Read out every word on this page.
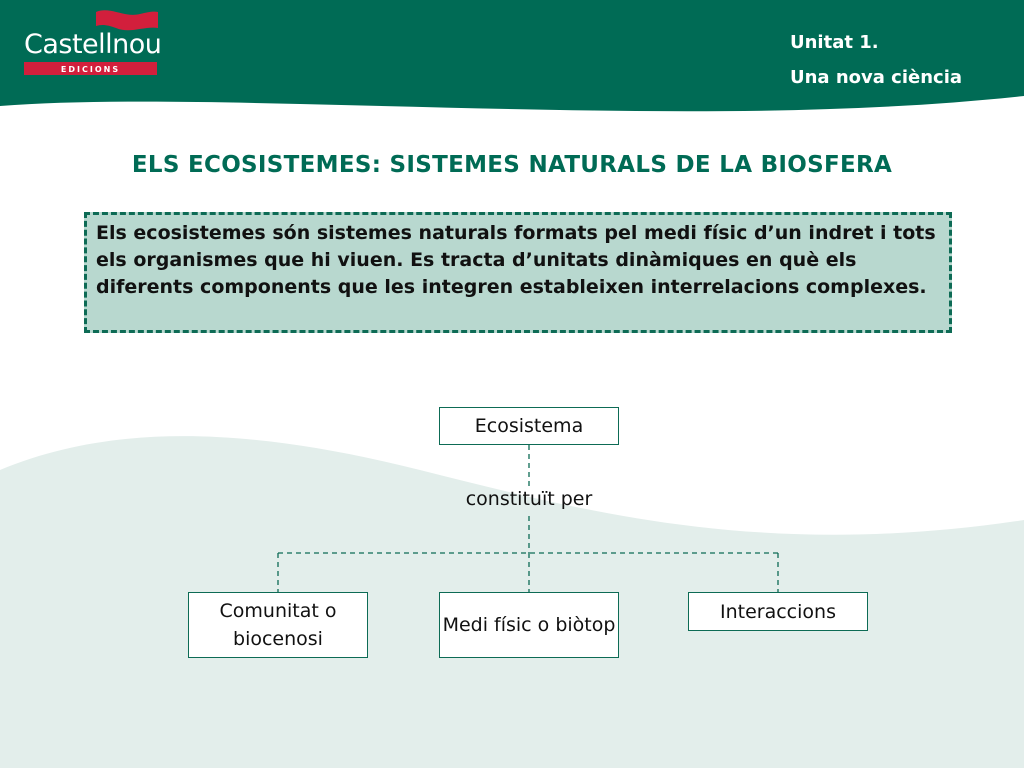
Castellnou
EDICIONS
Unitat 1.
Una nova ciència
ELS ECOSISTEMES: SISTEMES NATURALS DE LA BIOSFERA
Els ecosistemes són sistemes naturals formats pel medi físic d’un indret i tots els organismes que hi viuen. Es tracta d’unitats dinàmiques en què els diferents components que les integren estableixen interrelacions complexes.
Ecosistema
constituït per
Comunitat o biocenosi
Medi físic o biòtop
Interaccions
